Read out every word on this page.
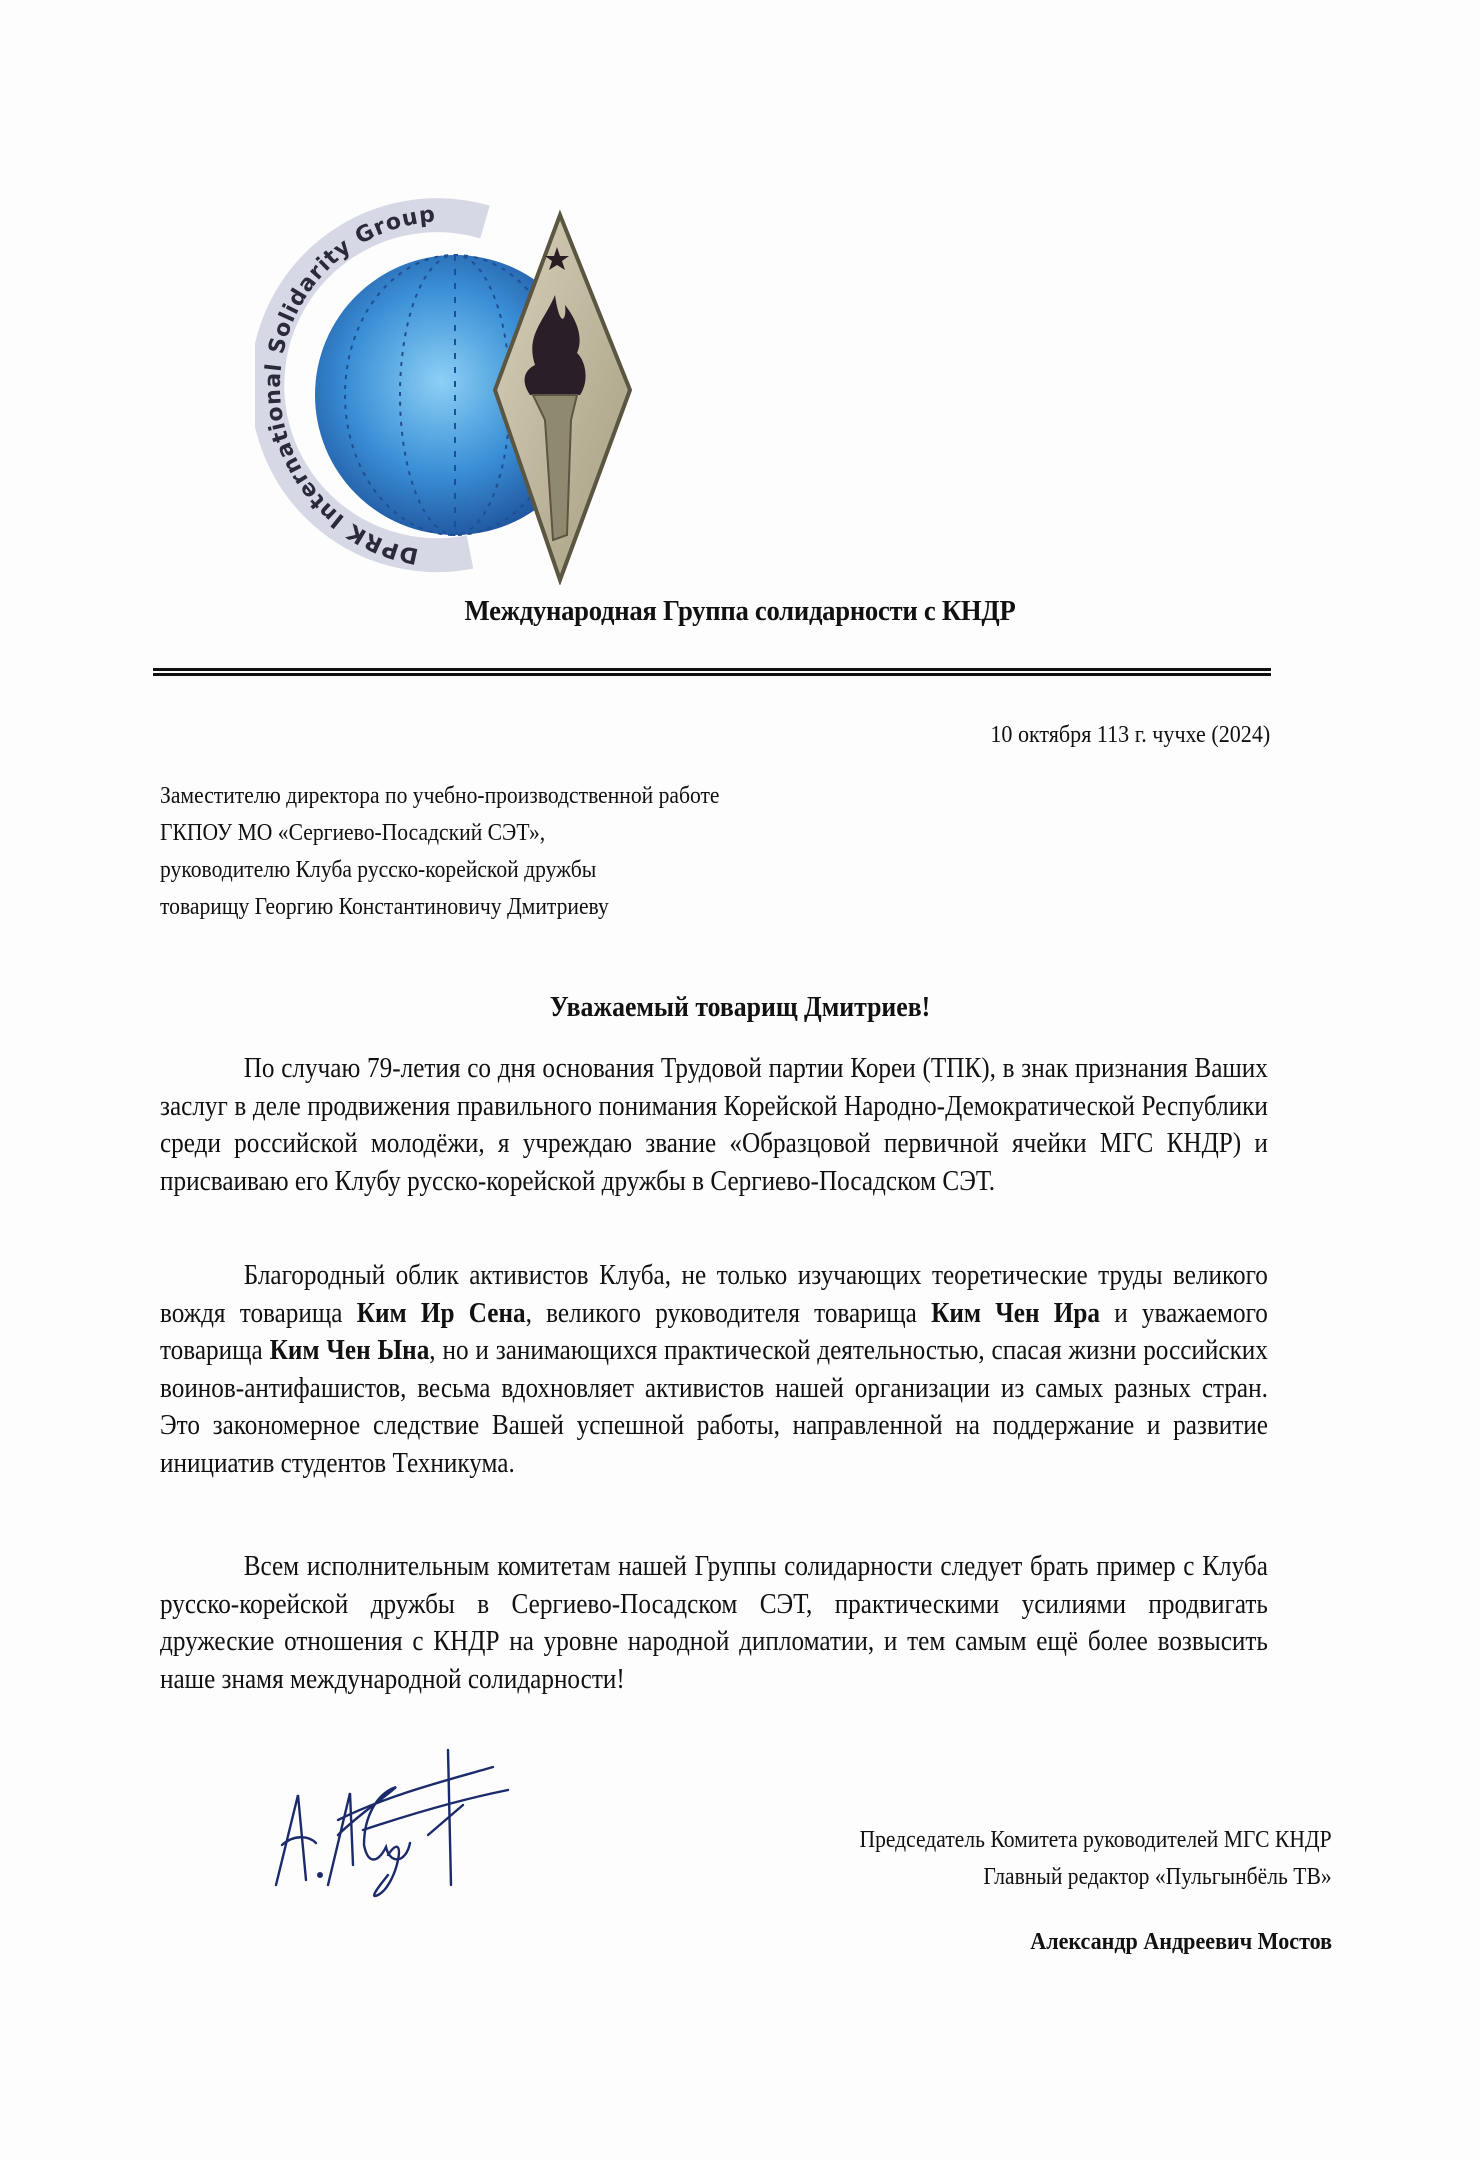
DPRK International Solidarity Group
Международная Группа солидарности с КНДР
10 октября 113 г. чучхе (2024)
Заместителю директора по учебно-производственной работе
ГКПОУ МО «Сергиево-Посадский СЭТ»,
руководителю Клуба русско-корейской дружбы
товарищу Георгию Константиновичу Дмитриеву
Уважаемый товарищ Дмитриев!

По случаю 79-летия со дня основания Трудовой партии Кореи (ТПК), в знак признания Ваших заслуг в деле продвижения правильного понимания Корейской Народно-Демократической Республики среди российской молодёжи, я учреждаю звание «Образцовой первичной ячейки МГС КНДР) и присваиваю его Клубу русско-корейской дружбы в Сергиево-Посадском СЭТ.

Благородный облик активистов Клуба, не только изучающих теоретические труды великого вождя товарища Ким Ир Сена, великого руководителя товарища Ким Чен Ира и уважаемого товарища Ким Чен Ына, но и занимающихся практической деятельностью, спасая жизни российских воинов-антифашистов, весьма вдохновляет активистов нашей организации из самых разных стран. Это закономерное следствие Вашей успешной работы, направленной на поддержание и развитие инициатив студентов Техникума.

Всем исполнительным комитетам нашей Группы солидарности следует брать пример с Клуба русско-корейской дружбы в Сергиево-Посадском СЭТ, практическими усилиями продвигать дружеские отношения с КНДР на уровне народной дипломатии, и тем самым ещё более возвысить наше знамя международной солидарности!

Председатель Комитета руководителей МГС КНДР
Главный редактор «Пульгынбёль ТВ»
Александр Андреевич Мостов
